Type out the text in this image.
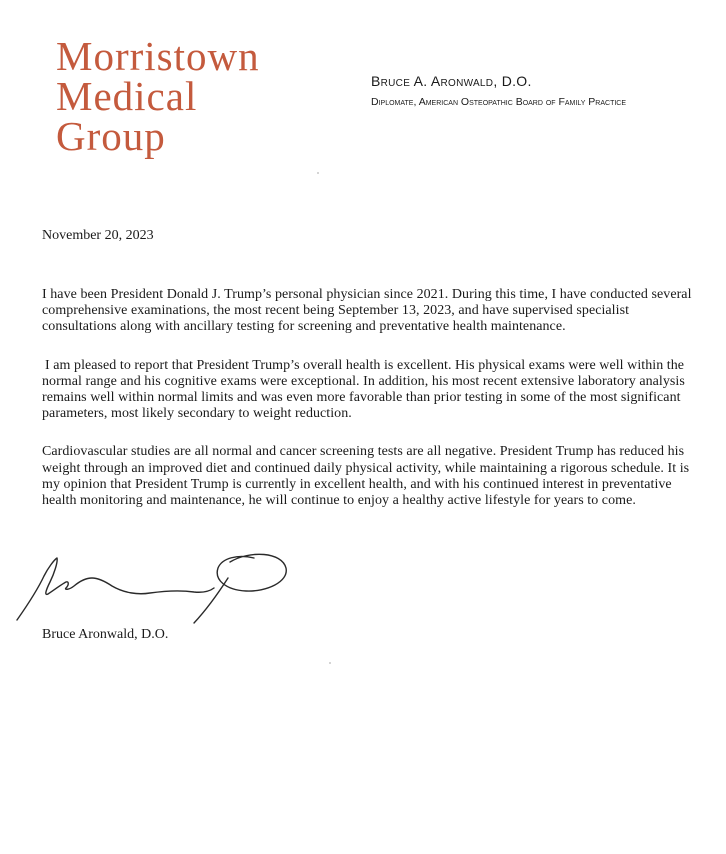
Morristown
Medical
Group

Bruce A. Aronwald, D.O.

Diplomate, American Osteopathic Board of Family Practice

November 20, 2023

I have been President Donald J. Trump’s personal physician since 2021. During this time, I have conducted several comprehensive examinations, the most recent being September 13, 2023, and have supervised specialist consultations along with ancillary testing for screening and preventative health maintenance.

I am pleased to report that President Trump’s overall health is excellent. His physical exams were well within the normal range and his cognitive exams were exceptional. In addition, his most recent extensive laboratory analysis remains well within normal limits and was even more favorable than prior testing in some of the most significant parameters, most likely secondary to weight reduction.

Cardiovascular studies are all normal and cancer screening tests are all negative. President Trump has reduced his weight through an improved diet and continued daily physical activity, while maintaining a rigorous schedule. It is my opinion that President Trump is currently in excellent health, and with his continued interest in preventative health monitoring and maintenance, he will continue to enjoy a healthy active lifestyle for years to come.

Bruce Aronwald, D.O.
